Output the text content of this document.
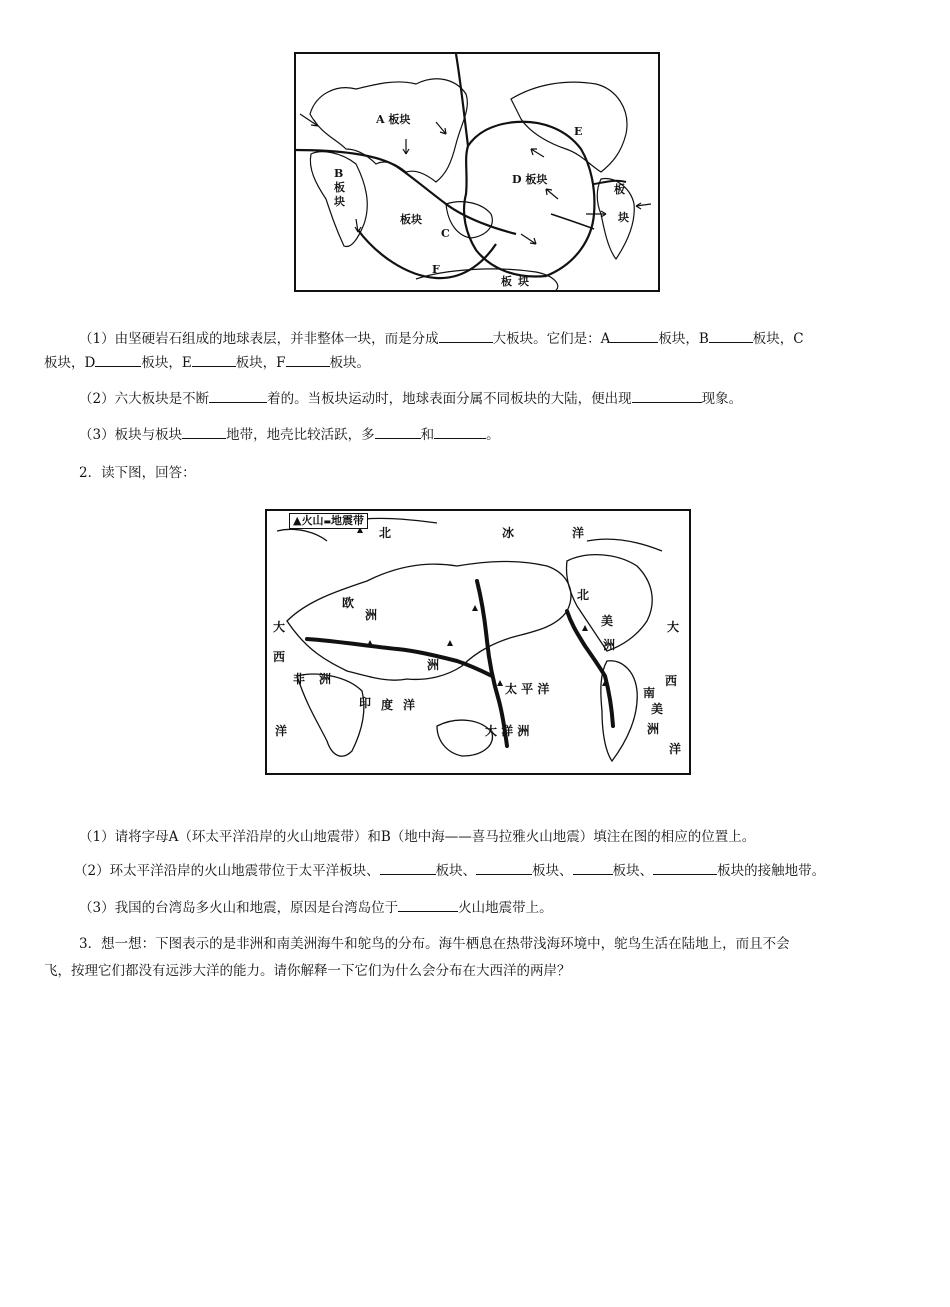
A 板块
B
板
块
板块
C
D 板块
E
板
块
F
板 块
（1）由坚硬岩石组成的地球表层，并非整体一块，而是分成	大板块。它们是：A	板块，B	板块，C
板块，D	板块，E	板块，F	板块。
（2）六大板块是不断	着的。当板块运动时，地球表面分属不同板块的大陆，便出现	现象。
（3）板块与板块	地带，地壳比较活跃，多	和	。
2．读下图，回答：
▲火山▬地震带
北	冰	洋
欧
洲
大
西
非 洲
洋
洲
印 度 洋
太 平 洋
大 洋 洲
北
美
洲
大
南
西
美
洲
洋
（1）请将字母A（环太平洋沿岸的火山地震带）和B（地中海——喜马拉雅火山地震）填注在图的相应的位置上。
（2）环太平洋沿岸的火山地震带位于太平洋板块、	板块、	板块、	板块、	板块的接触地带。
（3）我国的台湾岛多火山和地震，原因是台湾岛位于	火山地震带上。
3．想一想：下图表示的是非洲和南美洲海牛和鸵鸟的分布。海牛栖息在热带浅海环境中，鸵鸟生活在陆地上，而且不会
飞，按理它们都没有远涉大洋的能力。请你解释一下它们为什么会分布在大西洋的两岸？
